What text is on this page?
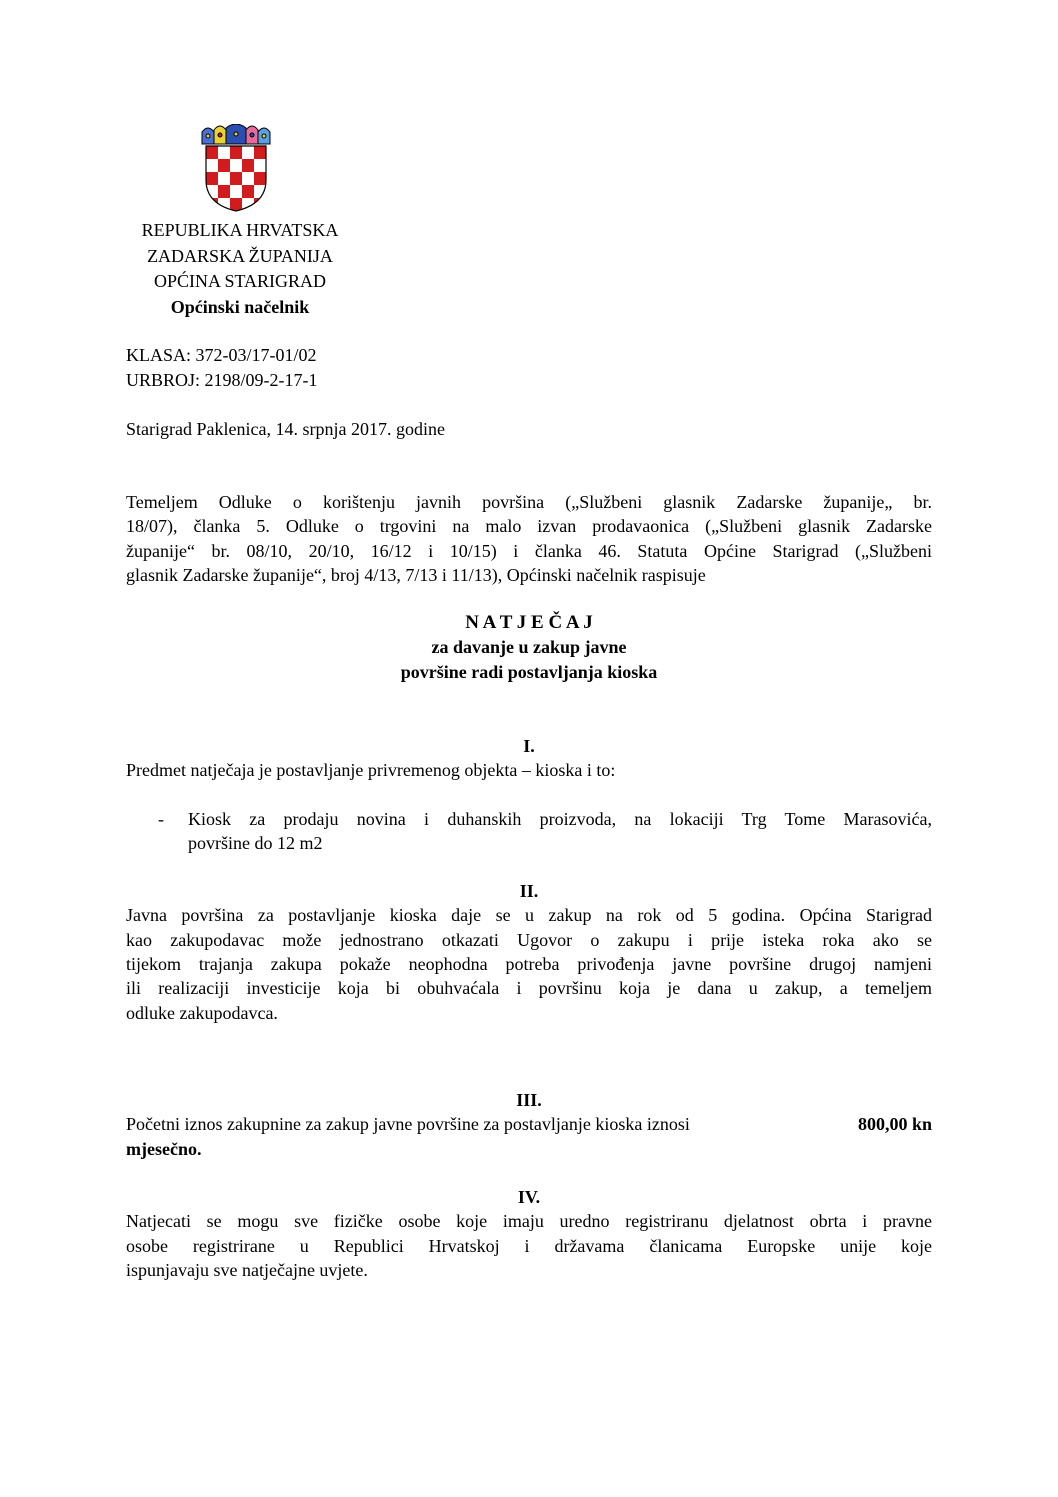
REPUBLIKA HRVATSKA
ZADARSKA ŽUPANIJA
OPĆINA STARIGRAD
Općinski načelnik
KLASA: 372-03/17-01/02
URBROJ: 2198/09-2-17-1
Starigrad Paklenica, 14. srpnja 2017. godine
Temeljem Odluke o korištenju javnih površina („Službeni glasnik Zadarske županije„ br.
18/07), članka 5. Odluke o trgovini na malo izvan prodavaonica („Službeni glasnik Zadarske
županije“ br. 08/10, 20/10, 16/12 i 10/15) i članka 46. Statuta Općine Starigrad („Službeni
glasnik Zadarske županije“, broj 4/13, 7/13 i 11/13), Općinski načelnik raspisuje
N A T J E Č A J
za davanje u zakup javne
površine radi postavljanja kioska
I.
Predmet natječaja je postavljanje privremenog objekta – kioska i to:
- Kiosk za prodaju novina i duhanskih proizvoda, na lokaciji Trg Tome Marasovića,
površine do 12 m2
II.
Javna površina za postavljanje kioska daje se u zakup na rok od 5 godina. Općina Starigrad
kao zakupodavac može jednostrano otkazati Ugovor o zakupu i prije isteka roka ako se
tijekom trajanja zakupa pokaže neophodna potreba privođenja javne površine drugoj namjeni
ili realizaciji investicije koja bi obuhvaćala i površinu koja je dana u zakup, a temeljem
odluke zakupodavca.
III.
Početni iznos zakupnine za zakup javne površine za postavljanje kioska iznosi	800,00 kn
mjesečno.
IV.
Natjecati se mogu sve fizičke osobe koje imaju uredno registriranu djelatnost obrta i pravne
osobe registrirane u Republici Hrvatskoj i državama članicama Europske unije koje
ispunjavaju sve natječajne uvjete.
